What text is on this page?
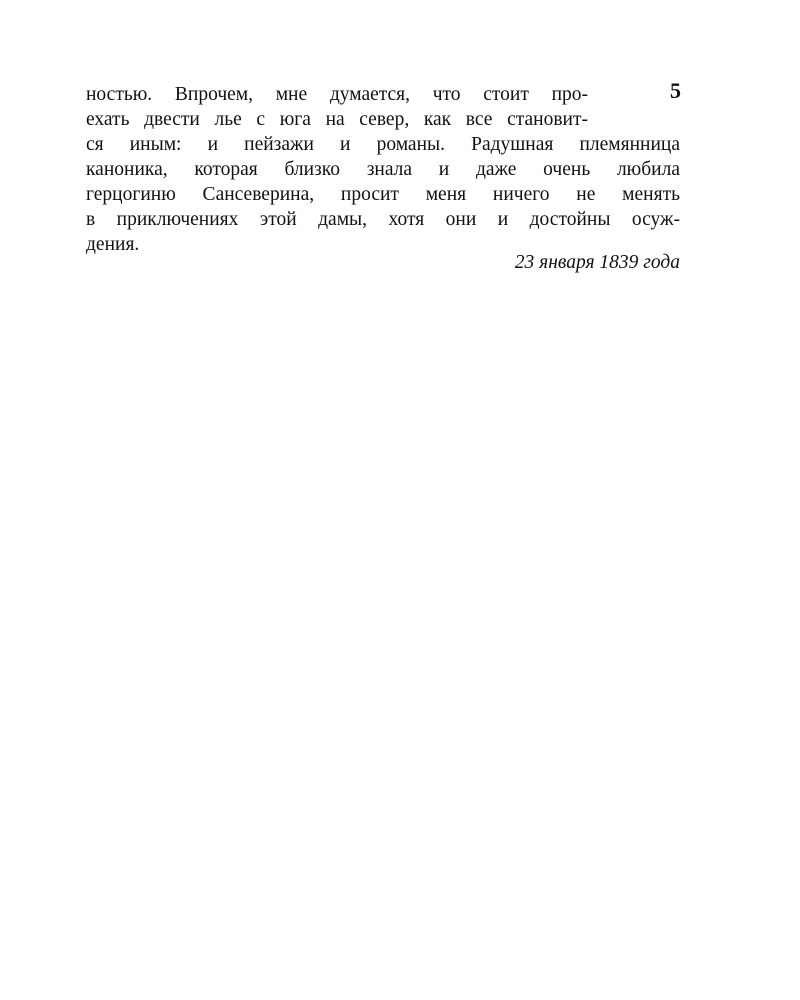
5
ностью. Впрочем, мне думается, что стоит про-
ехать двести лье с юга на север, как все становит-
ся иным: и пейзажи и романы. Радушная племянница
каноника, которая близко знала и даже очень любила
герцогиню Сансеверина, просит меня ничего не менять
в приключениях этой дамы, хотя они и достойны осуж-
дения.
23 января 1839 года
